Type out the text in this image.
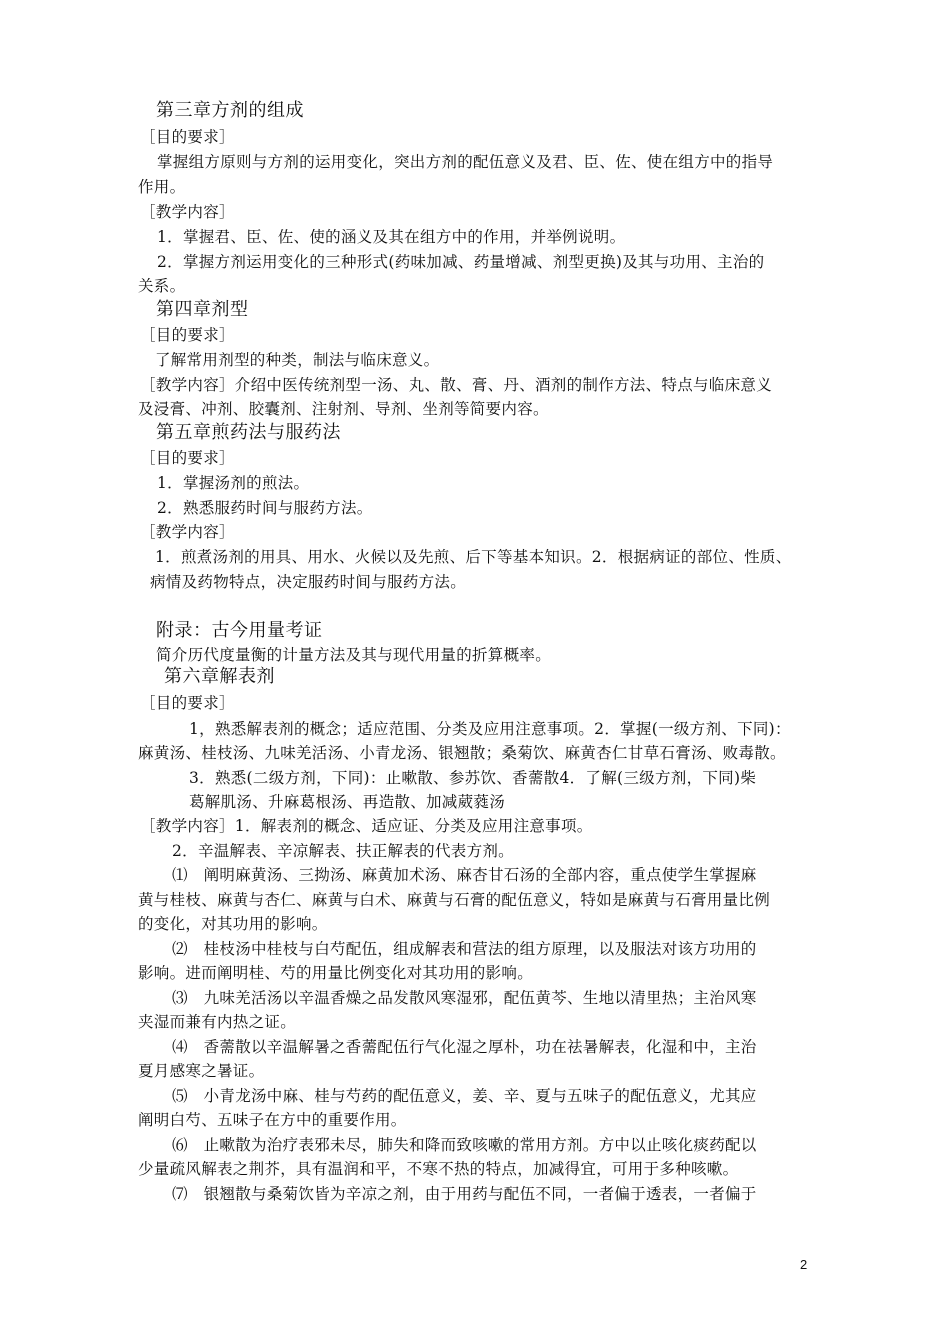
第三章方剂的组成
［目的要求］
掌握组方原则与方剂的运用变化，突出方剂的配伍意义及君、臣、佐、使在组方中的指导
作用。
［教学内容］
1．掌握君、臣、佐、使的涵义及其在组方中的作用，并举例说明。
2．掌握方剂运用变化的三种形式(药味加减、药量增减、剂型更换)及其与功用、主治的
关系。
第四章剂型
［目的要求］
了解常用剂型的种类，制法与临床意义。
［教学内容］介绍中医传统剂型一汤、丸、散、膏、丹、酒剂的制作方法、特点与临床意义
及浸膏、冲剂、胶囊剂、注射剂、导剂、坐剂等简要内容。
第五章煎药法与服药法
［目的要求］
1．掌握汤剂的煎法。
2．熟悉服药时间与服药方法。
［教学内容］
1．煎煮汤剂的用具、用水、火候以及先煎、后下等基本知识。2．根据病证的部位、性质、
病情及药物特点，决定服药时间与服药方法。
附录：古今用量考证
简介历代度量衡的计量方法及其与现代用量的折算概率。
第六章解表剂
［目的要求］
1，熟悉解表剂的概念；适应范围、分类及应用注意事项。2．掌握(一级方剂、下同)：
麻黄汤、桂枝汤、九味羌活汤、小青龙汤、银翘散；桑菊饮、麻黄杏仁甘草石膏汤、败毒散。
3．熟悉(二级方剂，下同)：止嗽散、参苏饮、香薷散4．了解(三级方剂，下同)柴
葛解肌汤、升麻葛根汤、再造散、加减葳蕤汤
［教学内容］1．解表剂的概念、适应证、分类及应用注意事项。
2．辛温解表、辛凉解表、扶正解表的代表方剂。
⑴　阐明麻黄汤、三拗汤、麻黄加术汤、麻杏甘石汤的全部内容，重点使学生掌握麻
黄与桂枝、麻黄与杏仁、麻黄与白术、麻黄与石膏的配伍意义，特如是麻黄与石膏用量比例
的变化，对其功用的影响。
⑵　桂枝汤中桂枝与白芍配伍，组成解表和营法的组方原理，以及服法对该方功用的
影响。进而阐明桂、芍的用量比例变化对其功用的影响。
⑶　九味羌活汤以辛温香燥之品发散风寒湿邪，配伍黄芩、生地以清里热；主治风寒
夹湿而兼有内热之证。
⑷　香薷散以辛温解暑之香薷配伍行气化湿之厚朴，功在祛暑解表，化湿和中，主治
夏月感寒之暑证。
⑸　小青龙汤中麻、桂与芍药的配伍意义，姜、辛、夏与五味子的配伍意义，尤其应
阐明白芍、五味子在方中的重要作用。
⑹　止嗽散为治疗表邪未尽，肺失和降而致咳嗽的常用方剂。方中以止咳化痰药配以
少量疏风解表之荆芥，具有温润和平，不寒不热的特点，加减得宜，可用于多种咳嗽。
⑺　银翘散与桑菊饮皆为辛凉之剂，由于用药与配伍不同，一者偏于透表，一者偏于
2
